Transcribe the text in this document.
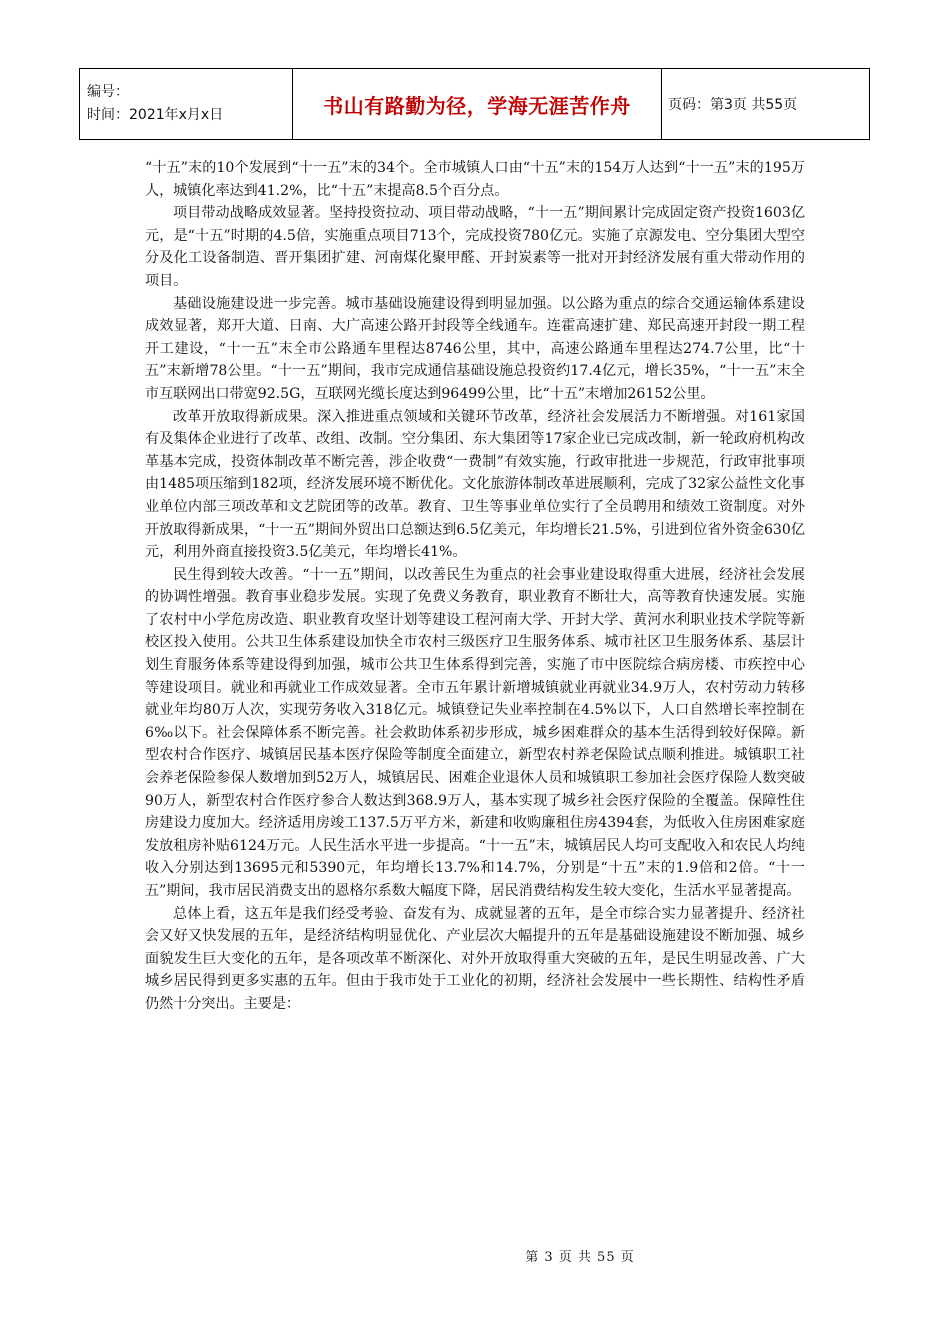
编号：
时间：2021年x月x日	书山有路勤为径，学海无涯苦作舟	页码：第3页 共55页

“十五”末的10个发展到“十一五”末的34个。全市城镇人口由“十五”末的154万人达到“十一五”末的195万人，城镇化率达到41.2%，比“十五”末提高8.5个百分点。

项目带动战略成效显著。坚持投资拉动、项目带动战略，“十一五”期间累计完成固定资产投资1603亿元，是“十五”时期的4.5倍，实施重点项目713个，完成投资780亿元。实施了京源发电、空分集团大型空分及化工设备制造、晋开集团扩建、河南煤化聚甲醛、开封炭素等一批对开封经济发展有重大带动作用的项目。

基础设施建设进一步完善。城市基础设施建设得到明显加强。以公路为重点的综合交通运输体系建设成效显著，郑开大道、日南、大广高速公路开封段等全线通车。连霍高速扩建、郑民高速开封段一期工程开工建设，“十一五”末全市公路通车里程达8746公里，其中，高速公路通车里程达274.7公里，比“十五”末新增78公里。“十一五”期间，我市完成通信基础设施总投资约17.4亿元，增长35%，“十一五”末全市互联网出口带宽92.5G，互联网光缆长度达到96499公里，比“十五”末增加26152公里。

改革开放取得新成果。深入推进重点领域和关键环节改革，经济社会发展活力不断增强。对161家国有及集体企业进行了改革、改组、改制。空分集团、东大集团等17家企业已完成改制，新一轮政府机构改革基本完成，投资体制改革不断完善，涉企收费“一费制”有效实施，行政审批进一步规范，行政审批事项由1485项压缩到182项，经济发展环境不断优化。文化旅游体制改革进展顺利，完成了32家公益性文化事业单位内部三项改革和文艺院团等的改革。教育、卫生等事业单位实行了全员聘用和绩效工资制度。对外开放取得新成果，“十一五”期间外贸出口总额达到6.5亿美元，年均增长21.5%，引进到位省外资金630亿元，利用外商直接投资3.5亿美元，年均增长41%。

民生得到较大改善。“十一五”期间，以改善民生为重点的社会事业建设取得重大进展，经济社会发展的协调性增强。教育事业稳步发展。实现了免费义务教育，职业教育不断壮大，高等教育快速发展。实施了农村中小学危房改造、职业教育攻坚计划等建设工程河南大学、开封大学、黄河水利职业技术学院等新校区投入使用。公共卫生体系建设加快全市农村三级医疗卫生服务体系、城市社区卫生服务体系、基层计划生育服务体系等建设得到加强，城市公共卫生体系得到完善，实施了市中医院综合病房楼、市疾控中心等建设项目。就业和再就业工作成效显著。全市五年累计新增城镇就业再就业34.9万人，农村劳动力转移就业年均80万人次，实现劳务收入318亿元。城镇登记失业率控制在4.5%以下，人口自然增长率控制在6‰以下。社会保障体系不断完善。社会救助体系初步形成，城乡困难群众的基本生活得到较好保障。新型农村合作医疗、城镇居民基本医疗保险等制度全面建立，新型农村养老保险试点顺利推进。城镇职工社会养老保险参保人数增加到52万人，城镇居民、困难企业退休人员和城镇职工参加社会医疗保险人数突破90万人，新型农村合作医疗参合人数达到368.9万人，基本实现了城乡社会医疗保险的全覆盖。保障性住房建设力度加大。经济适用房竣工137.5万平方米，新建和收购廉租住房4394套，为低收入住房困难家庭发放租房补贴6124万元。人民生活水平进一步提高。“十一五”末，城镇居民人均可支配收入和农民人均纯收入分别达到13695元和5390元，年均增长13.7%和14.7%，分别是“十五”末的1.9倍和2倍。“十一五”期间，我市居民消费支出的恩格尔系数大幅度下降，居民消费结构发生较大变化，生活水平显著提高。

总体上看，这五年是我们经受考验、奋发有为、成就显著的五年，是全市综合实力显著提升、经济社会又好又快发展的五年，是经济结构明显优化、产业层次大幅提升的五年是基础设施建设不断加强、城乡面貌发生巨大变化的五年，是各项改革不断深化、对外开放取得重大突破的五年，是民生明显改善、广大城乡居民得到更多实惠的五年。但由于我市处于工业化的初期，经济社会发展中一些长期性、结构性矛盾仍然十分突出。主要是：

第 3 页 共 55 页
